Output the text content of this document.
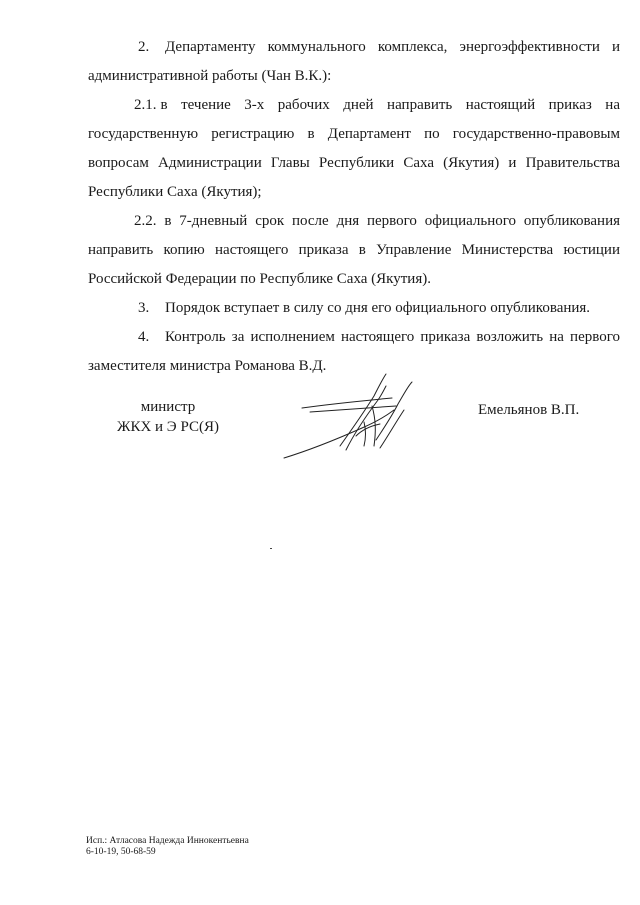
2. Департаменту коммунального комплекса, энергоэффективности и

административной работы (Чан В.К.):

2.1. в течение 3-х рабочих дней направить настоящий приказ на

государственную регистрацию в Департамент по государственно-правовым

вопросам Администрации Главы Республики Саха (Якутия) и Правительства

Республики Саха (Якутия);

2.2. в 7-дневный срок после дня первого официального опубликования

направить копию настоящего приказа в Управление Министерства юстиции

Российской Федерации по Республике Саха (Якутия).

3. Порядок вступает в силу со дня его официального опубликования.

4. Контроль за исполнением настоящего приказа возложить на первого

заместителя министра Романова В.Д.

министр
ЖКХ и Э РС(Я)

Емельянов В.П.

Исп.: Атласова Надежда Иннокентьевна
6-10-19, 50-68-59
